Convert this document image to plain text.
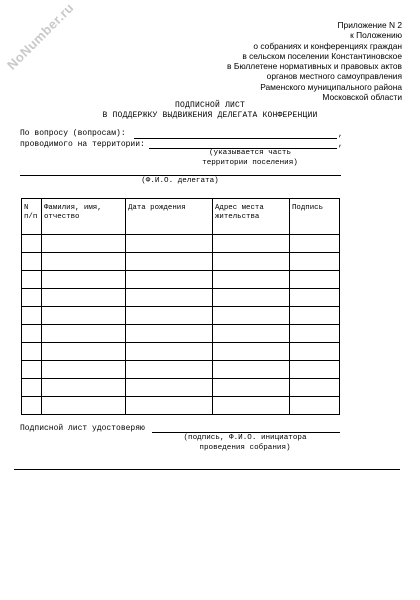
NoNumber.ru	Приложение N 2
к Положению
о собраниях и конференциях граждан
в сельском поселении Константиновское
в Бюллетене нормативных и правовых актов
органов местного самоуправления
Раменского муниципального района
Московской области
ПОДПИСНОЙ ЛИСТ
В ПОДДЕРЖКУ ВЫДВИЖЕНИЯ ДЕЛЕГАТА КОНФЕРЕНЦИИ
По вопросу (вопросам):	,
проводимого на территории:	,
(указывается часть
территории поселения)
(Ф.И.О. делегата)
N п/п	Фамилия, имя, отчество	Дата рождения	Адрес места жительства	Подпись

Подписной лист удостоверяю
(подпись, Ф.И.О. инициатора
проведения собрания)
